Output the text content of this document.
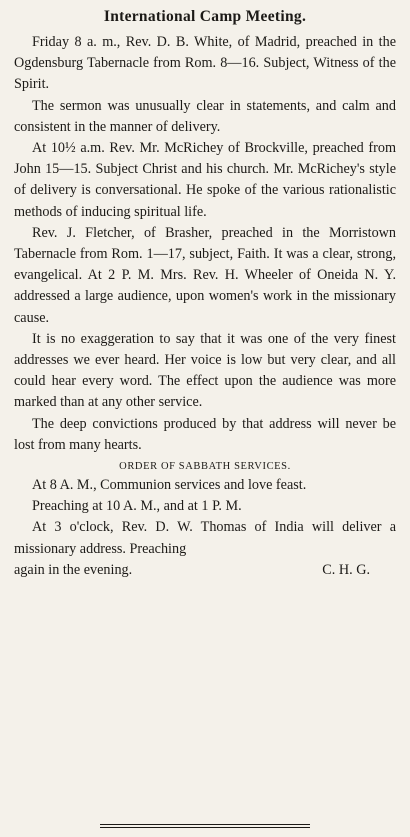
International Camp Meeting.

Friday 8 a. m., Rev. D. B. White, of Madrid, preached in the Ogdensburg Tabernacle from Rom. 8—16. Subject, Witness of the Spirit.

The sermon was unusually clear in statements, and calm and consistent in the manner of delivery.

At 10½ a.m. Rev. Mr. McRichey of Brockville, preached from John 15—15. Subject Christ and his church. Mr. McRichey's style of delivery is conversational. He spoke of the various rationalistic methods of inducing spiritual life.

Rev. J. Fletcher, of Brasher, preached in the Morristown Tabernacle from Rom. 1—17, subject, Faith. It was a clear, strong, evangelical. At 2 P. M. Mrs. Rev. H. Wheeler of Oneida N. Y. addressed a large audience, upon women's work in the missionary cause.

It is no exaggeration to say that it was one of the very finest addresses we ever heard. Her voice is low but very clear, and all could hear every word. The effect upon the audience was more marked than at any other service.

The deep convictions produced by that address will never be lost from many hearts.

ORDER OF SABBATH SERVICES.

At 8 A. M., Communion services and love feast.

Preaching at 10 A. M., and at 1 P. M.

At 3 o'clock, Rev. D. W. Thomas of India will deliver a missionary address. Preaching

again in the evening.	C. H. G.
